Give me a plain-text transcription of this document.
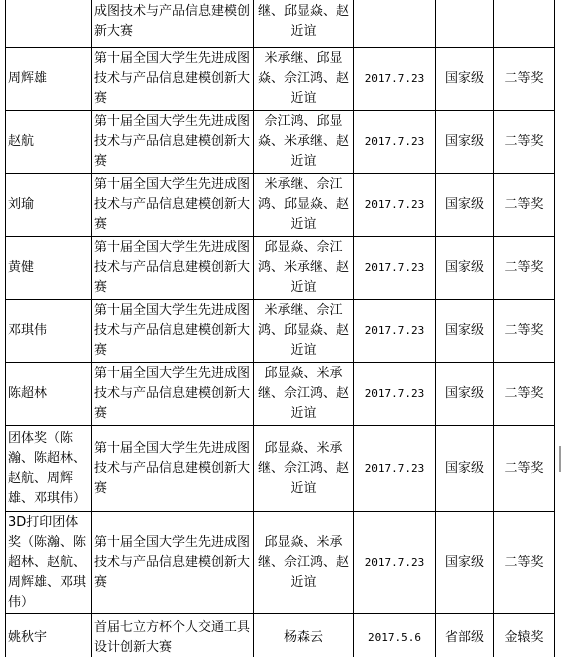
	成图技术与产品信息建模创新大赛	继、邱显焱、赵近谊			
周辉雄	第十届全国大学生先进成图技术与产品信息建模创新大赛	米承继、邱显焱、佘江鸿、赵近谊	2017.7.23	国家级	二等奖
赵航	第十届全国大学生先进成图技术与产品信息建模创新大赛	佘江鸿、邱显焱、米承继、赵近谊	2017.7.23	国家级	二等奖
刘瑜	第十届全国大学生先进成图技术与产品信息建模创新大赛	米承继、佘江鸿、邱显焱、赵近谊	2017.7.23	国家级	二等奖
黄健	第十届全国大学生先进成图技术与产品信息建模创新大赛	邱显焱、佘江鸿、米承继、赵近谊	2017.7.23	国家级	二等奖
邓琪伟	第十届全国大学生先进成图技术与产品信息建模创新大赛	米承继、佘江鸿、邱显焱、赵近谊	2017.7.23	国家级	二等奖
陈超林	第十届全国大学生先进成图技术与产品信息建模创新大赛	邱显焱、米承继、佘江鸿、赵近谊	2017.7.23	国家级	二等奖
团体奖（陈瀚、陈超林、赵航、周辉雄、邓琪伟）	第十届全国大学生先进成图技术与产品信息建模创新大赛	邱显焱、米承继、佘江鸿、赵近谊	2017.7.23	国家级	二等奖
3D打印团体奖（陈瀚、陈超林、赵航、周辉雄、邓琪伟）	第十届全国大学生先进成图技术与产品信息建模创新大赛	邱显焱、米承继、佘江鸿、赵近谊	2017.7.23	国家级	二等奖
姚秋宇	首届七立方杯个人交通工具设计创新大赛	杨森云	2017.5.6	省部级	金辕奖
